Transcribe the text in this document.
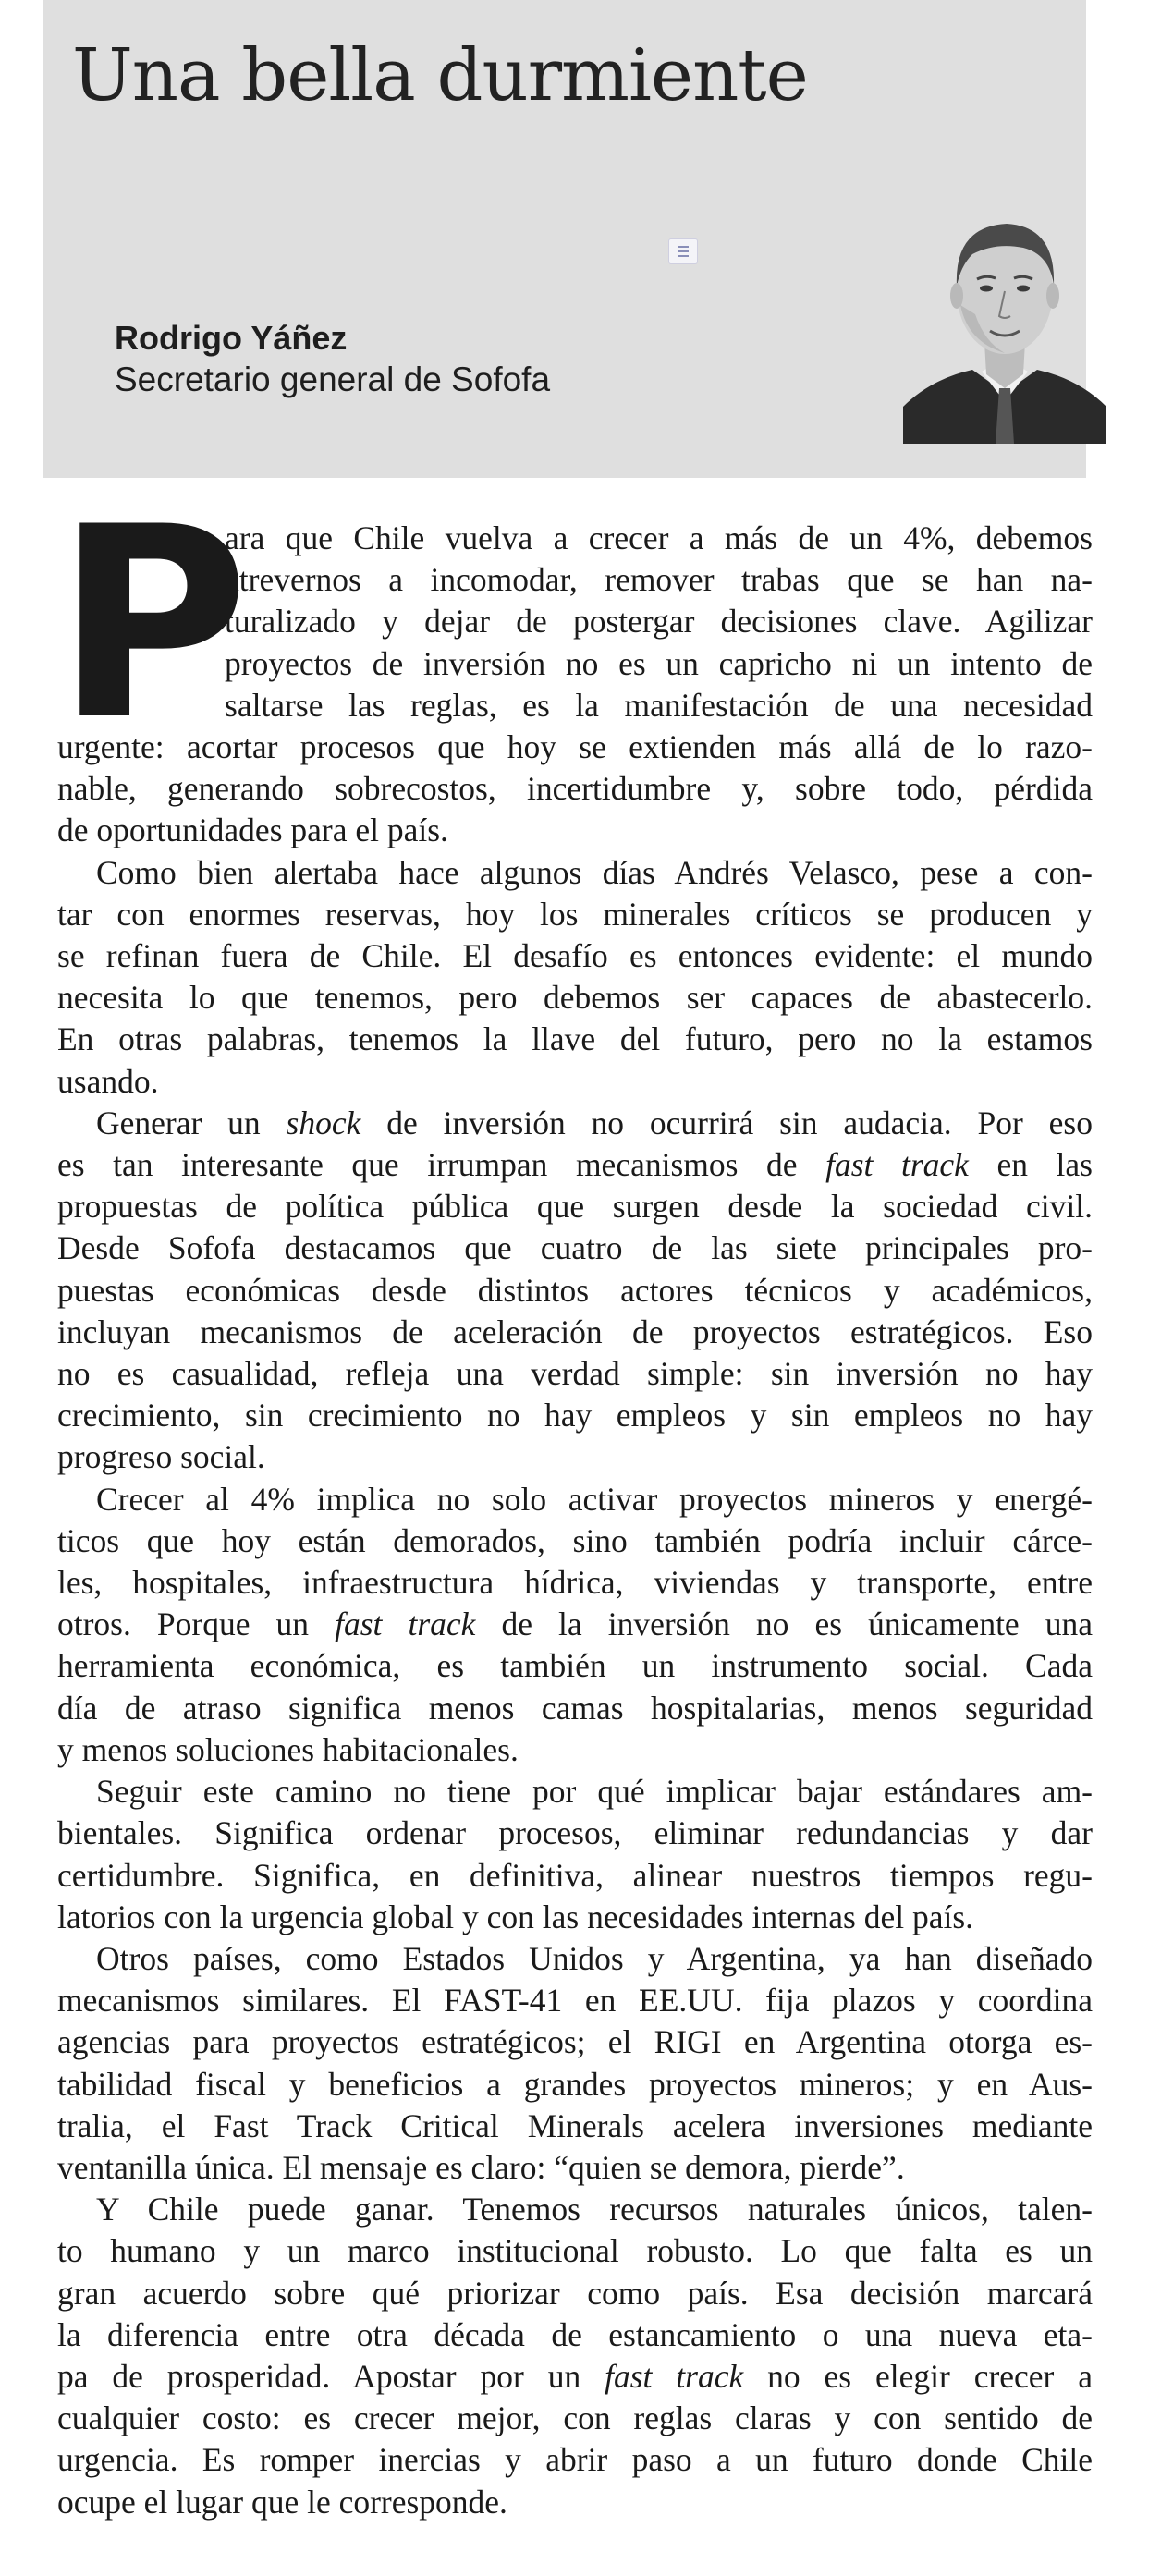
Una bella durmiente
Rodrigo Yáñez
Secretario general de Sofofa
P
ara que Chile vuelva a crecer a más de un 4%, debemos
atrevernos a incomodar, remover trabas que se han na-
turalizado y dejar de postergar decisiones clave. Agilizar
proyectos de inversión no es un capricho ni un intento de
saltarse las reglas, es la manifestación de una necesidad
urgente: acortar procesos que hoy se extienden más allá de lo razo-
nable, generando sobrecostos, incertidumbre y, sobre todo, pérdida
de oportunidades para el país.
Como bien alertaba hace algunos días Andrés Velasco, pese a con-
tar con enormes reservas, hoy los minerales críticos se producen y
se refinan fuera de Chile. El desafío es entonces evidente: el mundo
necesita lo que tenemos, pero debemos ser capaces de abastecerlo.
En otras palabras, tenemos la llave del futuro, pero no la estamos
usando.
Generar un shock de inversión no ocurrirá sin audacia. Por eso
es tan interesante que irrumpan mecanismos de fast track en las
propuestas de política pública que surgen desde la sociedad civil.
Desde Sofofa destacamos que cuatro de las siete principales pro-
puestas económicas desde distintos actores técnicos y académicos,
incluyan mecanismos de aceleración de proyectos estratégicos. Eso
no es casualidad, refleja una verdad simple: sin inversión no hay
crecimiento, sin crecimiento no hay empleos y sin empleos no hay
progreso social.
Crecer al 4% implica no solo activar proyectos mineros y energé-
ticos que hoy están demorados, sino también podría incluir cárce-
les, hospitales, infraestructura hídrica, viviendas y transporte, entre
otros. Porque un fast track de la inversión no es únicamente una
herramienta económica, es también un instrumento social. Cada
día de atraso significa menos camas hospitalarias, menos seguridad
y menos soluciones habitacionales.
Seguir este camino no tiene por qué implicar bajar estándares am-
bientales. Significa ordenar procesos, eliminar redundancias y dar
certidumbre. Significa, en definitiva, alinear nuestros tiempos regu-
latorios con la urgencia global y con las necesidades internas del país.
Otros países, como Estados Unidos y Argentina, ya han diseñado
mecanismos similares. El FAST-41 en EE.UU. fija plazos y coordina
agencias para proyectos estratégicos; el RIGI en Argentina otorga es-
tabilidad fiscal y beneficios a grandes proyectos mineros; y en Aus-
tralia, el Fast Track Critical Minerals acelera inversiones mediante
ventanilla única. El mensaje es claro: “quien se demora, pierde”.
Y Chile puede ganar. Tenemos recursos naturales únicos, talen-
to humano y un marco institucional robusto. Lo que falta es un
gran acuerdo sobre qué priorizar como país. Esa decisión marcará
la diferencia entre otra década de estancamiento o una nueva eta-
pa de prosperidad. Apostar por un fast track no es elegir crecer a
cualquier costo: es crecer mejor, con reglas claras y con sentido de
urgencia. Es romper inercias y abrir paso a un futuro donde Chile
ocupe el lugar que le corresponde.
